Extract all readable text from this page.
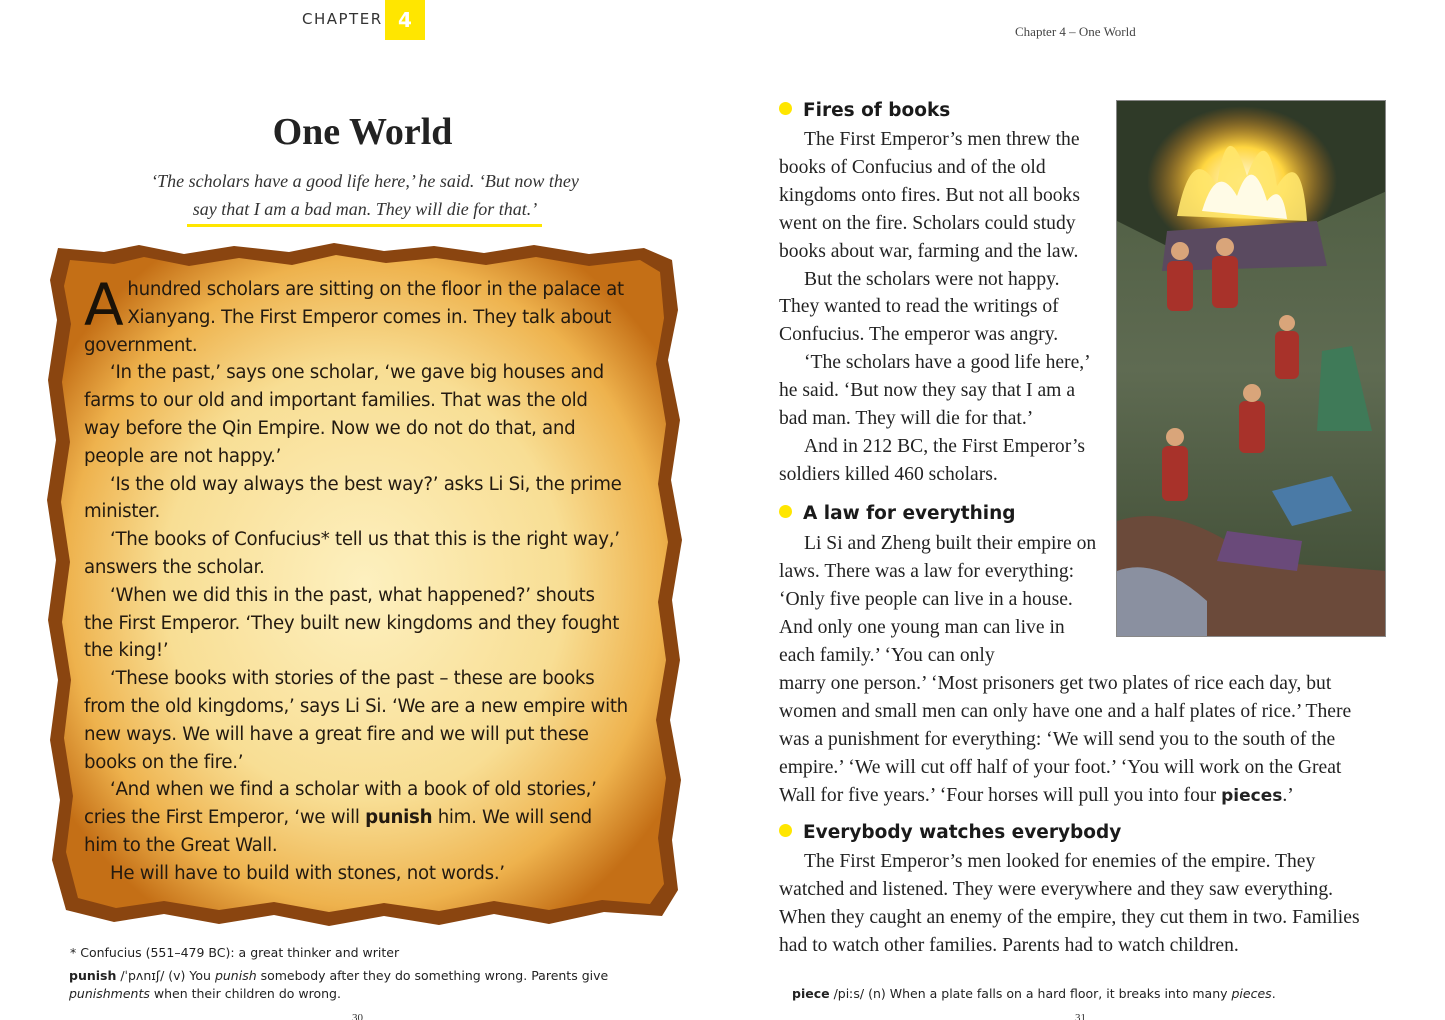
CHAPTER 4
One World
‘The scholars have a good life here,’ he said. ‘But now they
say that I am a bad man. They will die for that.’

A hundred scholars are sitting on the floor in the palace at Xianyang. The First Emperor comes in. They talk about government.

‘In the past,’ says one scholar, ‘we gave big houses and farms to our old and important families. That was the old way before the Qin Empire. Now we do not do that, and people are not happy.’

‘Is the old way always the best way?’ asks Li Si, the prime minister.

‘The books of Confucius* tell us that this is the right way,’ answers the scholar.

‘When we did this in the past, what happened?’ shouts the First Emperor. ‘They built new kingdoms and they fought the king!’

‘These books with stories of the past – these are books from the old kingdoms,’ says Li Si. ‘We are a new empire with new ways. We will have a great fire and we will put these books on the fire.’

‘And when we find a scholar with a book of old stories,’ cries the First Emperor, ‘we will punish him. We will send him to the Great Wall.

He will have to build with stones, not words.’

* Confucius (551–479 BC): a great thinker and writer
punish /ˈpʌnɪʃ/ (v) You punish somebody after they do something wrong. Parents give punishments when their children do wrong.
30
Chapter 4 – One World
Fires of books

The First Emperor’s men threw the books of Confucius and of the old kingdoms onto fires. But not all books went on the fire. Scholars could study books about war, farming and the law.

But the scholars were not happy. They wanted to read the writings of Confucius. The emperor was angry.

‘The scholars have a good life here,’ he said. ‘But now they say that I am a bad man. They will die for that.’

And in 212 BC, the First Emperor’s soldiers killed 460 scholars.

A law for everything

Li Si and Zheng built their empire on laws. There was a law for everything: ‘Only five people can live in a house. And only one young man can live in each family.’ ‘You can only

marry one person.’ ‘Most prisoners get two plates of rice each day, but women and small men can only have one and a half plates of rice.’ There was a punishment for everything: ‘We will send you to the south of the empire.’ ‘We will cut off half of your foot.’ ‘You will work on the Great Wall for five years.’ ‘Four horses will pull you into four pieces.’
Everybody watches everybody

The First Emperor’s men looked for enemies of the empire. They watched and listened. They were everywhere and they saw everything. When they caught an enemy of the empire, they cut them in two. Families had to watch other families. Parents had to watch children.

piece /piːs/ (n) When a plate falls on a hard floor, it breaks into many pieces.
31
